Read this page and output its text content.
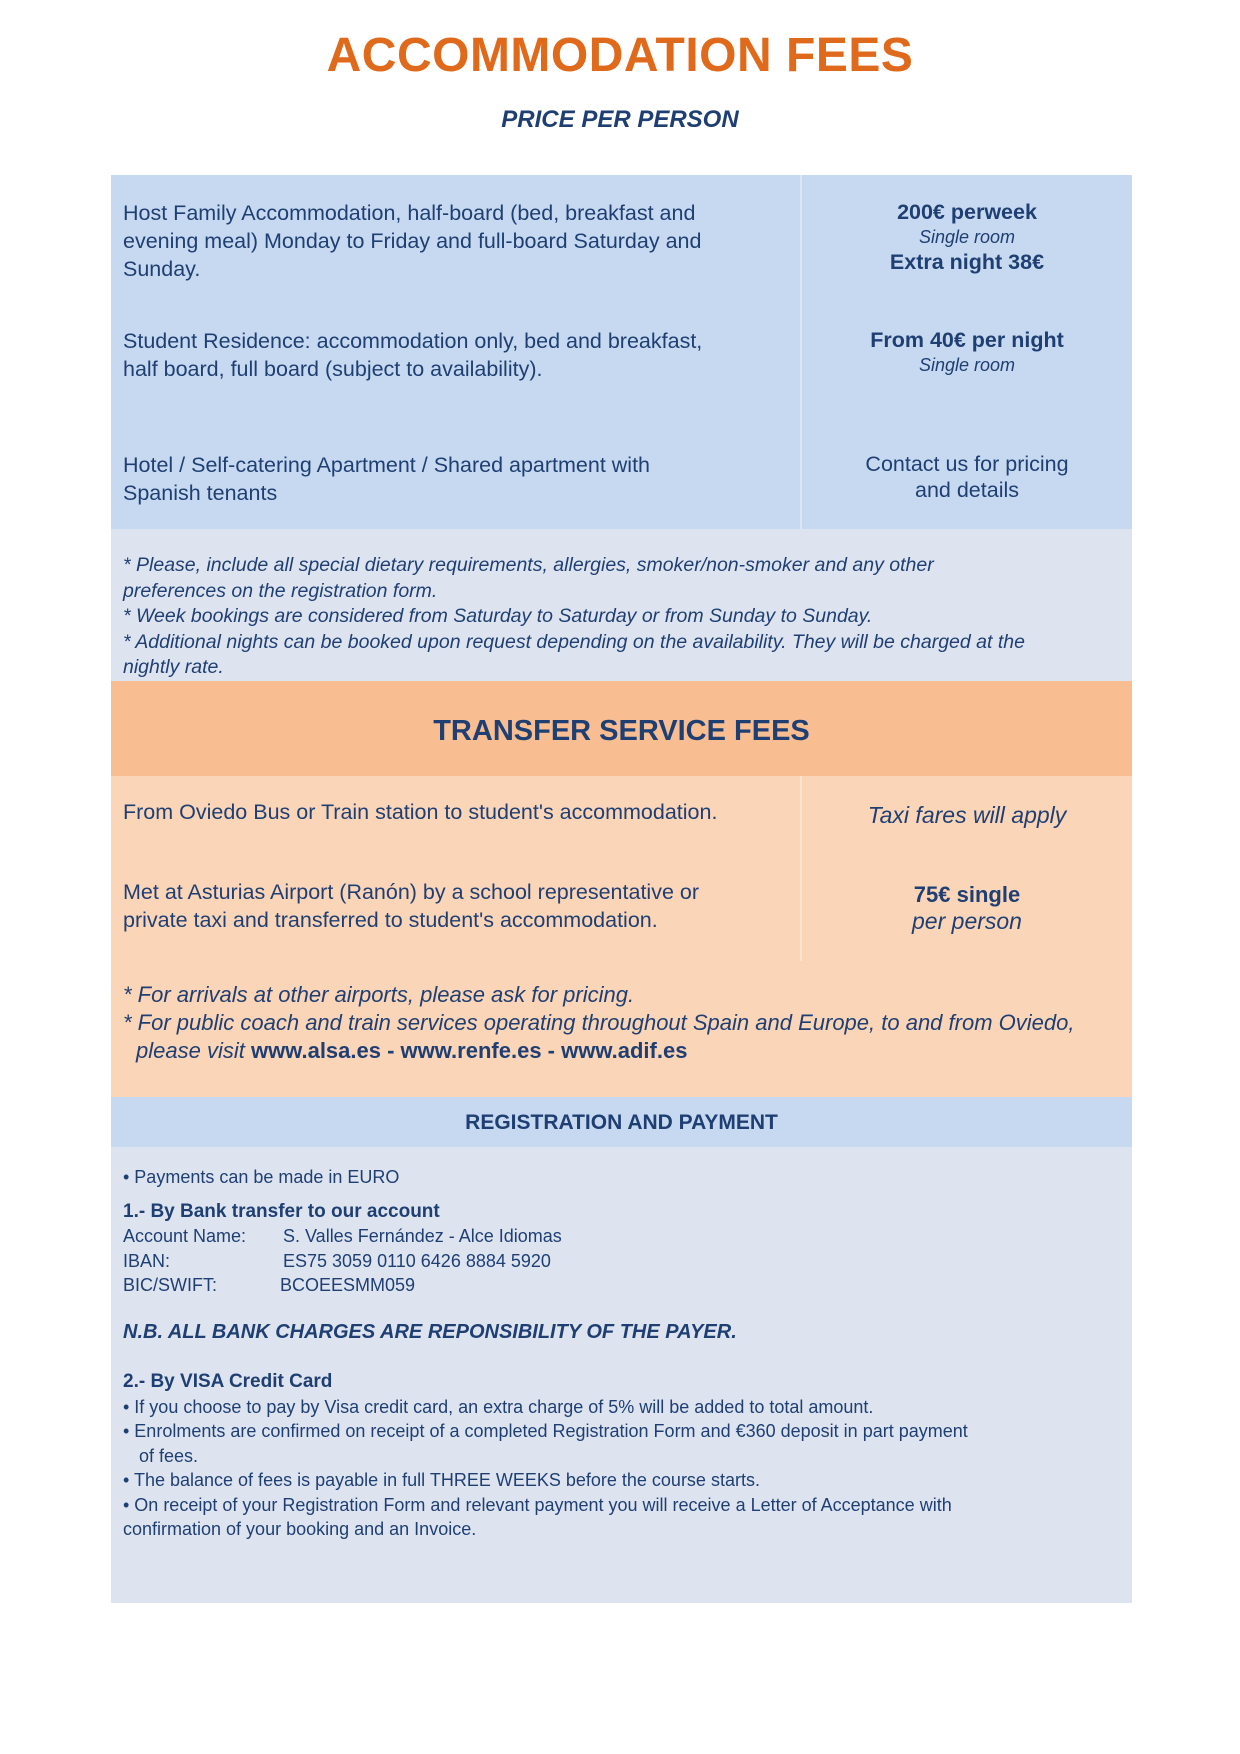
ACCOMMODATION FEES
PRICE PER PERSON
Host Family Accommodation, half-board (bed, breakfast and
evening meal) Monday to Friday and full-board Saturday and
Sunday.
200€ perweek
Single room
Extra night 38€
Student Residence: accommodation only, bed and breakfast,
half board, full board (subject to availability).
From 40€ per night
Single room
Hotel / Self-catering Apartment / Shared apartment with
Spanish tenants
Contact us for pricing
and details
* Please, include all special dietary requirements, allergies, smoker/non-smoker and any other
preferences on the registration form.
* Week bookings are considered from Saturday to Saturday or from Sunday to Sunday.
* Additional nights can be booked upon request depending on the availability. They will be charged at the
nightly rate.
TRANSFER SERVICE FEES
From Oviedo Bus or Train station to student's accommodation.	Taxi fares will apply
Met at Asturias Airport (Ranón) by a school representative or
private taxi and transferred to student's accommodation.
75€ single
per person
* For arrivals at other airports, please ask for pricing.
* For public coach and train services operating throughout Spain and Europe, to and from Oviedo,
please visit www.alsa.es - www.renfe.es - www.adif.es
REGISTRATION AND PAYMENT
• Payments can be made in EURO
1.- By Bank transfer to our account
Account Name:	S. Valles Fernández - Alce Idiomas
IBAN:	ES75 3059 0110 6426 8884 5920
BIC/SWIFT:	BCOEESMM059
N.B. ALL BANK CHARGES ARE REPONSIBILITY OF THE PAYER.
2.- By VISA Credit Card
• If you choose to pay by Visa credit card, an extra charge of 5% will be added to total amount.
• Enrolments are confirmed on receipt of a completed Registration Form and €360 deposit in part payment
of fees.
• The balance of fees is payable in full THREE WEEKS before the course starts.
• On receipt of your Registration Form and relevant payment you will receive a Letter of Acceptance with
confirmation of your booking and an Invoice.
